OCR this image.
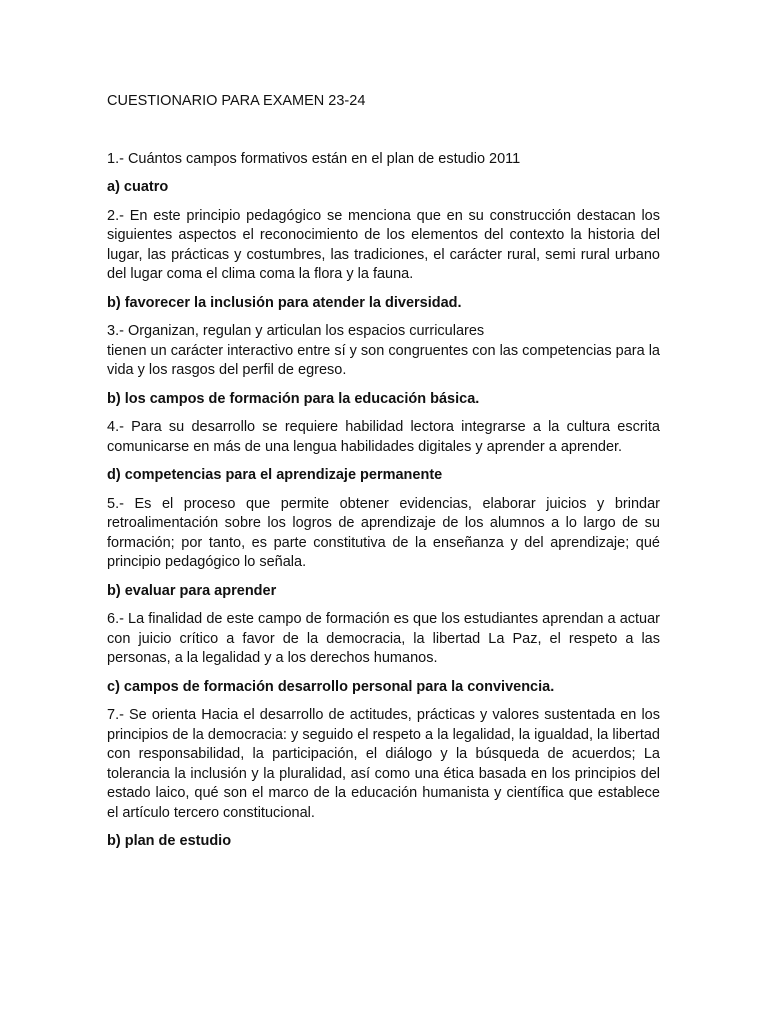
CUESTIONARIO PARA EXAMEN 23-24

1.- Cuántos campos formativos están en el plan de estudio 2011

a) cuatro

2.- En este principio pedagógico se menciona que en su construcción destacan los siguientes aspectos el reconocimiento de los elementos del contexto la historia del lugar, las prácticas y costumbres, las tradiciones, el carácter rural, semi rural urbano del lugar coma el clima coma la flora y la fauna.

b) favorecer la inclusión para atender la diversidad.

3.- Organizan, regulan y articulan los espacios curriculares
tienen un carácter interactivo entre sí y son congruentes con las competencias para la vida y los rasgos del perfil de egreso.

b) los campos de formación para la educación básica.

4.- Para su desarrollo se requiere habilidad lectora integrarse a la cultura escrita comunicarse en más de una lengua habilidades digitales y aprender a aprender.

d) competencias para el aprendizaje permanente

5.- Es el proceso que permite obtener evidencias, elaborar juicios y brindar retroalimentación sobre los logros de aprendizaje de los alumnos a lo largo de su formación; por tanto, es parte constitutiva de la enseñanza y del aprendizaje; qué principio pedagógico lo señala.

b) evaluar para aprender

6.- La finalidad de este campo de formación es que los estudiantes aprendan a actuar con juicio crítico a favor de la democracia, la libertad La Paz, el respeto a las personas, a la legalidad y a los derechos humanos.

c) campos de formación desarrollo personal para la convivencia.

7.- Se orienta Hacia el desarrollo de actitudes, prácticas y valores sustentada en los principios de la democracia: y seguido el respeto a la legalidad, la igualdad, la libertad con responsabilidad, la participación, el diálogo y la búsqueda de acuerdos; La tolerancia la inclusión y la pluralidad, así como una ética basada en los principios del estado laico, qué son el marco de la educación humanista y científica que establece el artículo tercero constitucional.

b) plan de estudio
